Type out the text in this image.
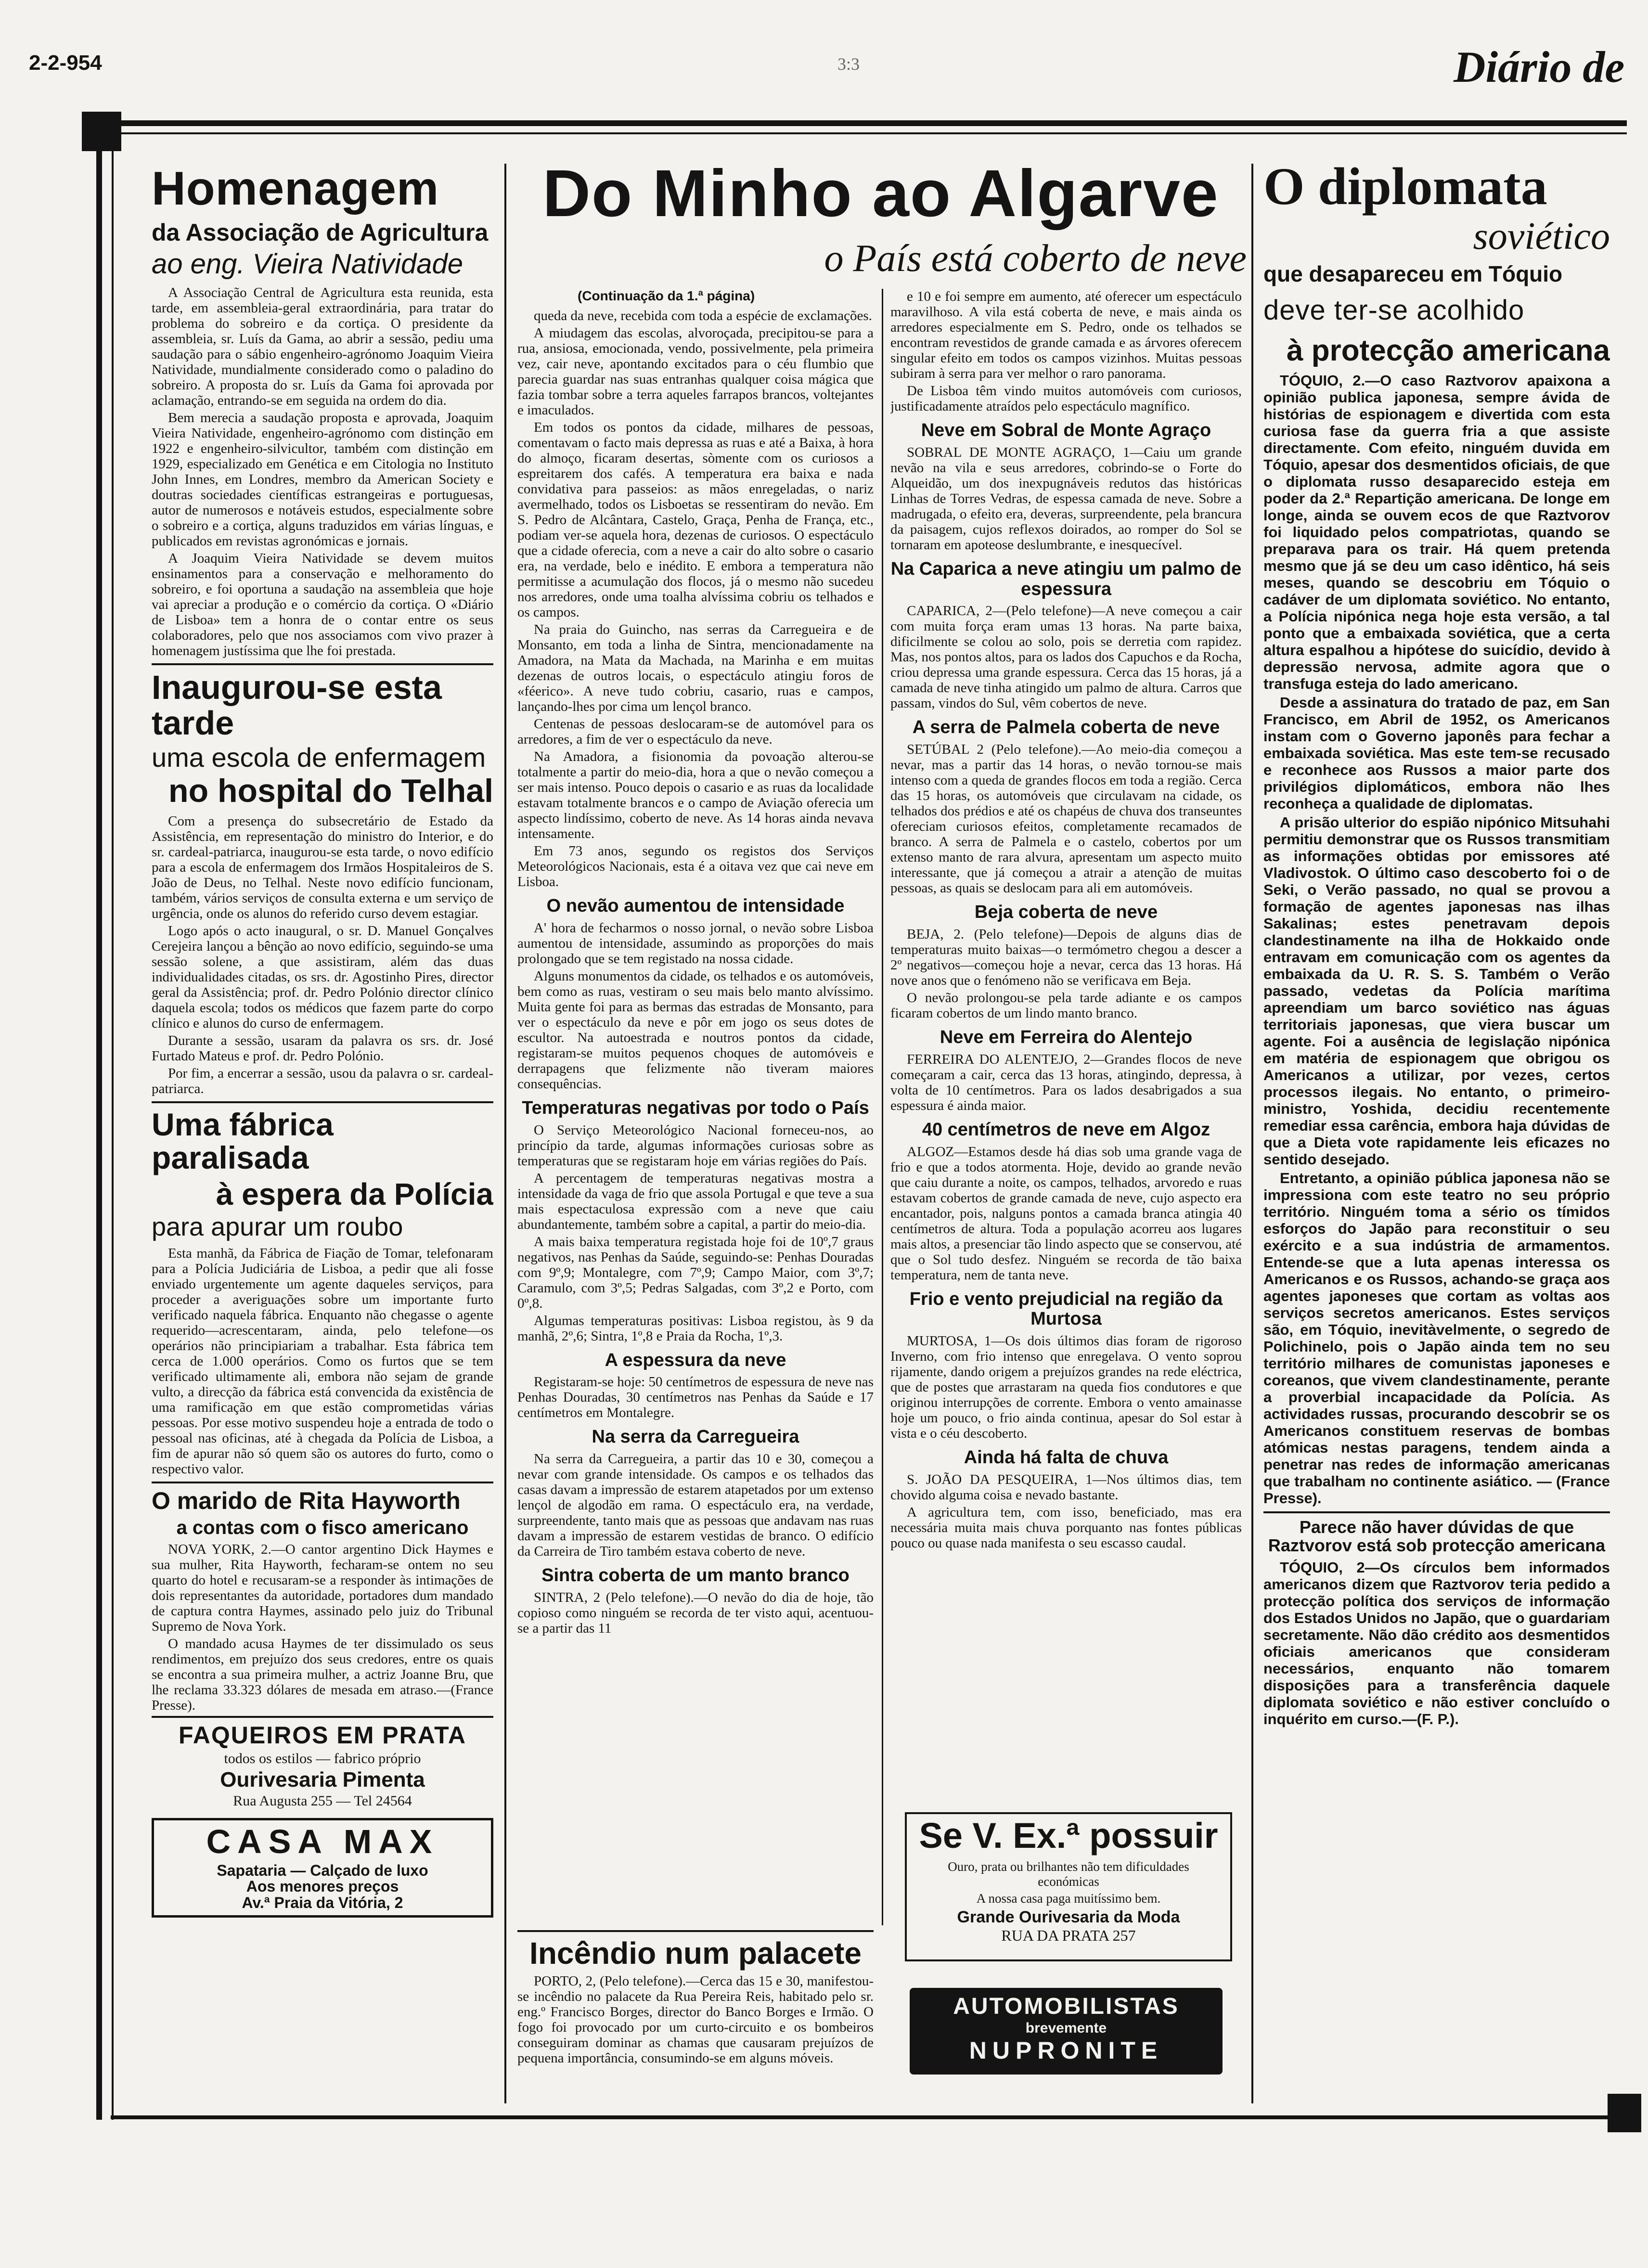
2-2-954	3:3	Diário de
Homenagem
da Associação de Agricultura
ao eng. Vieira Natividade

A Associação Central de Agricultura esta reunida, esta tarde, em assembleia-geral extraordinária, para tratar do problema do sobreiro e da cortiça. O presidente da assembleia, sr. Luís da Gama, ao abrir a sessão, pediu uma saudação para o sábio engenheiro-agrónomo Joaquim Vieira Natividade, mundialmente considerado como o paladino do sobreiro. A proposta do sr. Luís da Gama foi aprovada por aclamação, entrando-se em seguida na ordem do dia.

Bem merecia a saudação proposta e aprovada, Joaquim Vieira Natividade, engenheiro-agrónomo com distinção em 1922 e engenheiro-silvicultor, também com distinção em 1929, especializado em Genética e em Citologia no Instituto John Innes, em Londres, membro da American Society e doutras sociedades científicas estrangeiras e portuguesas, autor de numerosos e notáveis estudos, especialmente sobre o sobreiro e a cortiça, alguns traduzidos em várias línguas, e publicados em revistas agronómicas e jornais.

A Joaquim Vieira Natividade se devem muitos ensinamentos para a conservação e melhoramento do sobreiro, e foi oportuna a saudação na assembleia que hoje vai apreciar a produção e o comércio da cortiça. O «Diário de Lisboa» tem a honra de o contar entre os seus colaboradores, pelo que nos associamos com vivo prazer à homenagem justíssima que lhe foi prestada.

Inaugurou-se esta tarde
uma escola de enfermagem
no hospital do Telhal

Com a presença do subsecretário de Estado da Assistência, em representação do ministro do Interior, e do sr. cardeal-patriarca, inaugurou-se esta tarde, o novo edifício para a escola de enfermagem dos Irmãos Hospitaleiros de S. João de Deus, no Telhal. Neste novo edifício funcionam, também, vários serviços de consulta externa e um serviço de urgência, onde os alunos do referido curso devem estagiar.

Logo após o acto inaugural, o sr. D. Manuel Gonçalves Cerejeira lançou a bênção ao novo edifício, seguindo-se uma sessão solene, a que assistiram, além das duas individualidades citadas, os srs. dr. Agostinho Pires, director geral da Assistência; prof. dr. Pedro Polónio director clínico daquela escola; todos os médicos que fazem parte do corpo clínico e alunos do curso de enfermagem.

Durante a sessão, usaram da palavra os srs. dr. José Furtado Mateus e prof. dr. Pedro Polónio.

Por fim, a encerrar a sessão, usou da palavra o sr. cardeal-patriarca.

Uma fábrica paralisada
à espera da Polícia
para apurar um roubo

Esta manhã, da Fábrica de Fiação de Tomar, telefonaram para a Polícia Judiciária de Lisboa, a pedir que ali fosse enviado urgentemente um agente daqueles serviços, para proceder a averiguações sobre um importante furto verificado naquela fábrica. Enquanto não chegasse o agente requerido—acrescentaram, ainda, pelo telefone—os operários não principiariam a trabalhar. Esta fábrica tem cerca de 1.000 operários. Como os furtos que se tem verificado ultimamente ali, embora não sejam de grande vulto, a direcção da fábrica está convencida da existência de uma ramificação em que estão comprometidas várias pessoas. Por esse motivo suspendeu hoje a entrada de todo o pessoal nas oficinas, até à chegada da Polícia de Lisboa, a fim de apurar não só quem são os autores do furto, como o respectivo valor.

O marido de Rita Hayworth
a contas com o fisco americano

NOVA YORK, 2.—O cantor argentino Dick Haymes e sua mulher, Rita Hayworth, fecharam-se ontem no seu quarto do hotel e recusaram-se a responder às intimações de dois representantes da autoridade, portadores dum mandado de captura contra Haymes, assinado pelo juiz do Tribunal Supremo de Nova York.

O mandado acusa Haymes de ter dissimulado os seus rendimentos, em prejuízo dos seus credores, entre os quais se encontra a sua primeira mulher, a actriz Joanne Bru, que lhe reclama 33.323 dólares de mesada em atraso.—(France Presse).

FAQUEIROS EM PRATA
todos os estilos — fabrico próprio
Ourivesaria Pimenta
Rua Augusta 255 — Tel 24564
CASA MAX
Sapataria — Calçado de luxo
Aos menores preços
Av.ª Praia da Vitória, 2
Do Minho ao Algarve
o País está coberto de neve
(Continuação da 1.ª página)

queda da neve, recebida com toda a espécie de exclamações.

A miudagem das escolas, alvoroçada, precipitou-se para a rua, ansiosa, emocionada, vendo, possivelmente, pela primeira vez, cair neve, apontando excitados para o céu flumbio que parecia guardar nas suas entranhas qualquer coisa mágica que fazia tombar sobre a terra aqueles farrapos brancos, voltejantes e imaculados.

Em todos os pontos da cidade, milhares de pessoas, comentavam o facto mais depressa as ruas e até a Baixa, à hora do almoço, ficaram desertas, sòmente com os curiosos a espreitarem dos cafés. A temperatura era baixa e nada convidativa para passeios: as mãos enregeladas, o nariz avermelhado, todos os Lisboetas se ressentiram do nevão. Em S. Pedro de Alcântara, Castelo, Graça, Penha de França, etc., podiam ver-se aquela hora, dezenas de curiosos. O espectáculo que a cidade oferecia, com a neve a cair do alto sobre o casario era, na verdade, belo e inédito. E embora a temperatura não permitisse a acumulação dos flocos, já o mesmo não sucedeu nos arredores, onde uma toalha alvíssima cobriu os telhados e os campos.

Na praia do Guincho, nas serras da Carregueira e de Monsanto, em toda a linha de Sintra, mencionadamente na Amadora, na Mata da Machada, na Marinha e em muitas dezenas de outros locais, o espectáculo atingiu foros de «féerico». A neve tudo cobriu, casario, ruas e campos, lançando-lhes por cima um lençol branco.

Centenas de pessoas deslocaram-se de automóvel para os arredores, a fim de ver o espectáculo da neve.

Na Amadora, a fisionomia da povoação alterou-se totalmente a partir do meio-dia, hora a que o nevão começou a ser mais intenso. Pouco depois o casario e as ruas da localidade estavam totalmente brancos e o campo de Aviação oferecia um aspecto lindíssimo, coberto de neve. As 14 horas ainda nevava intensamente.

Em 73 anos, segundo os registos dos Serviços Meteorológicos Nacionais, esta é a oitava vez que cai neve em Lisboa.

O nevão aumentou de intensidade

A' hora de fecharmos o nosso jornal, o nevão sobre Lisboa aumentou de intensidade, assumindo as proporções do mais prolongado que se tem registado na nossa cidade.

Alguns monumentos da cidade, os telhados e os automóveis, bem como as ruas, vestiram o seu mais belo manto alvíssimo. Muita gente foi para as bermas das estradas de Monsanto, para ver o espectáculo da neve e pôr em jogo os seus dotes de escultor. Na autoestrada e noutros pontos da cidade, registaram-se muitos pequenos choques de automóveis e derrapagens que felizmente não tiveram maiores consequências.

Temperaturas negativas por todo o País

O Serviço Meteorológico Nacional forneceu-nos, ao princípio da tarde, algumas informações curiosas sobre as temperaturas que se registaram hoje em várias regiões do País.

A percentagem de temperaturas negativas mostra a intensidade da vaga de frio que assola Portugal e que teve a sua mais espectaculosa expressão com a neve que caiu abundantemente, também sobre a capital, a partir do meio-dia.

A mais baixa temperatura registada hoje foi de 10º,7 graus negativos, nas Penhas da Saúde, seguindo-se: Penhas Douradas com 9º,9; Montalegre, com 7º,9; Campo Maior, com 3º,7; Caramulo, com 3º,5; Pedras Salgadas, com 3º,2 e Porto, com 0º,8.

Algumas temperaturas positivas: Lisboa registou, às 9 da manhã, 2º,6; Sintra, 1º,8 e Praia da Rocha, 1º,3.

A espessura da neve

Registaram-se hoje: 50 centímetros de espessura de neve nas Penhas Douradas, 30 centímetros nas Penhas da Saúde e 17 centímetros em Montalegre.

Na serra da Carregueira

Na serra da Carregueira, a partir das 10 e 30, começou a nevar com grande intensidade. Os campos e os telhados das casas davam a impressão de estarem atapetados por um extenso lençol de algodão em rama. O espectáculo era, na verdade, surpreendente, tanto mais que as pessoas que andavam nas ruas davam a impressão de estarem vestidas de branco. O edifício da Carreira de Tiro também estava coberto de neve.

Sintra coberta de um manto branco

SINTRA, 2 (Pelo telefone).—O nevão do dia de hoje, tão copioso como ninguém se recorda de ter visto aqui, acentuou-se a partir das 11

Incêndio num palacete

PORTO, 2, (Pelo telefone).—Cerca das 15 e 30, manifestou-se incêndio no palacete da Rua Pereira Reis, habitado pelo sr. eng.º Francisco Borges, director do Banco Borges e Irmão. O fogo foi provocado por um curto-circuito e os bombeiros conseguiram dominar as chamas que causaram prejuízos de pequena importância, consumindo-se em alguns móveis.

e 10 e foi sempre em aumento, até oferecer um espectáculo maravilhoso. A vila está coberta de neve, e mais ainda os arredores especialmente em S. Pedro, onde os telhados se encontram revestidos de grande camada e as árvores oferecem singular efeito em todos os campos vizinhos. Muitas pessoas subiram à serra para ver melhor o raro panorama.

De Lisboa têm vindo muitos automóveis com curiosos, justificadamente atraídos pelo espectáculo magnífico.

Neve em Sobral de Monte Agraço

SOBRAL DE MONTE AGRAÇO, 1—Caiu um grande nevão na vila e seus arredores, cobrindo-se o Forte do Alqueidão, um dos inexpugnáveis redutos das históricas Linhas de Torres Vedras, de espessa camada de neve. Sobre a madrugada, o efeito era, deveras, surpreendente, pela brancura da paisagem, cujos reflexos doirados, ao romper do Sol se tornaram em apoteose deslumbrante, e inesquecível.

Na Caparica a neve atingiu um palmo de espessura

CAPARICA, 2—(Pelo telefone)—A neve começou a cair com muita força eram umas 13 horas. Na parte baixa, dificilmente se colou ao solo, pois se derretia com rapidez. Mas, nos pontos altos, para os lados dos Capuchos e da Rocha, criou depressa uma grande espessura. Cerca das 15 horas, já a camada de neve tinha atingido um palmo de altura. Carros que passam, vindos do Sul, vêm cobertos de neve.

A serra de Palmela coberta de neve

SETÚBAL 2 (Pelo telefone).—Ao meio-dia começou a nevar, mas a partir das 14 horas, o nevão tornou-se mais intenso com a queda de grandes flocos em toda a região. Cerca das 15 horas, os automóveis que circulavam na cidade, os telhados dos prédios e até os chapéus de chuva dos transeuntes ofereciam curiosos efeitos, completamente recamados de branco. A serra de Palmela e o castelo, cobertos por um extenso manto de rara alvura, apresentam um aspecto muito interessante, que já começou a atrair a atenção de muitas pessoas, as quais se deslocam para ali em automóveis.

Beja coberta de neve

BEJA, 2. (Pelo telefone)—Depois de alguns dias de temperaturas muito baixas—o termómetro chegou a descer a 2º negativos—começou hoje a nevar, cerca das 13 horas. Há nove anos que o fenómeno não se verificava em Beja.

O nevão prolongou-se pela tarde adiante e os campos ficaram cobertos de um lindo manto branco.

Neve em Ferreira do Alentejo

FERREIRA DO ALENTEJO, 2—Grandes flocos de neve começaram a cair, cerca das 13 horas, atingindo, depressa, à volta de 10 centímetros. Para os lados desabrigados a sua espessura é ainda maior.

40 centímetros de neve em Algoz

ALGOZ—Estamos desde há dias sob uma grande vaga de frio e que a todos atormenta. Hoje, devido ao grande nevão que caiu durante a noite, os campos, telhados, arvoredo e ruas estavam cobertos de grande camada de neve, cujo aspecto era encantador, pois, nalguns pontos a camada branca atingia 40 centímetros de altura. Toda a população acorreu aos lugares mais altos, a presenciar tão lindo aspecto que se conservou, até que o Sol tudo desfez. Ninguém se recorda de tão baixa temperatura, nem de tanta neve.

Frio e vento prejudicial na região da Murtosa

MURTOSA, 1—Os dois últimos dias foram de rigoroso Inverno, com frio intenso que enregelava. O vento soprou rijamente, dando origem a prejuízos grandes na rede eléctrica, que de postes que arrastaram na queda fios condutores e que originou interrupções de corrente. Embora o vento amainasse hoje um pouco, o frio ainda continua, apesar do Sol estar à vista e o céu descoberto.

Ainda há falta de chuva

S. JOÃO DA PESQUEIRA, 1—Nos últimos dias, tem chovido alguma coisa e nevado bastante.

A agricultura tem, com isso, beneficiado, mas era necessária muita mais chuva porquanto nas fontes públicas pouco ou quase nada manifesta o seu escasso caudal.

Se V. Ex.ª possuir
Ouro, prata ou brilhantes não tem dificuldades económicas
A nossa casa paga muitíssimo bem.
Grande Ourivesaria da Moda
RUA DA PRATA 257
AUTOMOBILISTAS
brevemente
NUPRONITE
O diplomata
soviético
que desapareceu em Tóquio
deve ter-se acolhido
à protecção americana

TÓQUIO, 2.—O caso Raztvorov apaixona a opinião publica japonesa, sempre ávida de histórias de espionagem e divertida com esta curiosa fase da guerra fria a que assiste directamente. Com efeito, ninguém duvida em Tóquio, apesar dos desmentidos oficiais, de que o diplomata russo desaparecido esteja em poder da 2.ª Repartição americana. De longe em longe, ainda se ouvem ecos de que Raztvorov foi liquidado pelos compatriotas, quando se preparava para os trair. Há quem pretenda mesmo que já se deu um caso idêntico, há seis meses, quando se descobriu em Tóquio o cadáver de um diplomata soviético. No entanto, a Polícia nipónica nega hoje esta versão, a tal ponto que a embaixada soviética, que a certa altura espalhou a hipótese do suicídio, devido à depressão nervosa, admite agora que o transfuga esteja do lado americano.

Desde a assinatura do tratado de paz, em San Francisco, em Abril de 1952, os Americanos instam com o Governo japonês para fechar a embaixada soviética. Mas este tem-se recusado e reconhece aos Russos a maior parte dos privilégios diplomáticos, embora não lhes reconheça a qualidade de diplomatas.

A prisão ulterior do espião nipónico Mitsuhahi permitiu demonstrar que os Russos transmitiam as informações obtidas por emissores até Vladivostok. O último caso descoberto foi o de Seki, o Verão passado, no qual se provou a formação de agentes japonesas nas ilhas Sakalinas; estes penetravam depois clandestinamente na ilha de Hokkaido onde entravam em comunicação com os agentes da embaixada da U. R. S. S. Também o Verão passado, vedetas da Polícia marítima apreendiam um barco soviético nas águas territoriais japonesas, que viera buscar um agente. Foi a ausência de legislação nipónica em matéria de espionagem que obrigou os Americanos a utilizar, por vezes, certos processos ilegais. No entanto, o primeiro-ministro, Yoshida, decidiu recentemente remediar essa carência, embora haja dúvidas de que a Dieta vote rapidamente leis eficazes no sentido desejado.

Entretanto, a opinião pública japonesa não se impressiona com este teatro no seu próprio território. Ninguém toma a sério os tímidos esforços do Japão para reconstituir o seu exército e a sua indústria de armamentos. Entende-se que a luta apenas interessa os Americanos e os Russos, achando-se graça aos agentes japoneses que cortam as voltas aos serviços secretos americanos. Estes serviços são, em Tóquio, inevitàvelmente, o segredo de Polichinelo, pois o Japão ainda tem no seu território milhares de comunistas japoneses e coreanos, que vivem clandestinamente, perante a proverbial incapacidade da Polícia. As actividades russas, procurando descobrir se os Americanos constituem reservas de bombas atómicas nestas paragens, tendem ainda a penetrar nas redes de informação americanas que trabalham no continente asiático. — (France Presse).

Parece não haver dúvidas de que Raztvorov está sob protecção americana

TÓQUIO, 2—Os círculos bem informados americanos dizem que Raztvorov teria pedido a protecção política dos serviços de informação dos Estados Unidos no Japão, que o guardariam secretamente. Não dão crédito aos desmentidos oficiais americanos que consideram necessários, enquanto não tomarem disposições para a transferência daquele diplomata soviético e não estiver concluído o inquérito em curso.—(F. P.).
